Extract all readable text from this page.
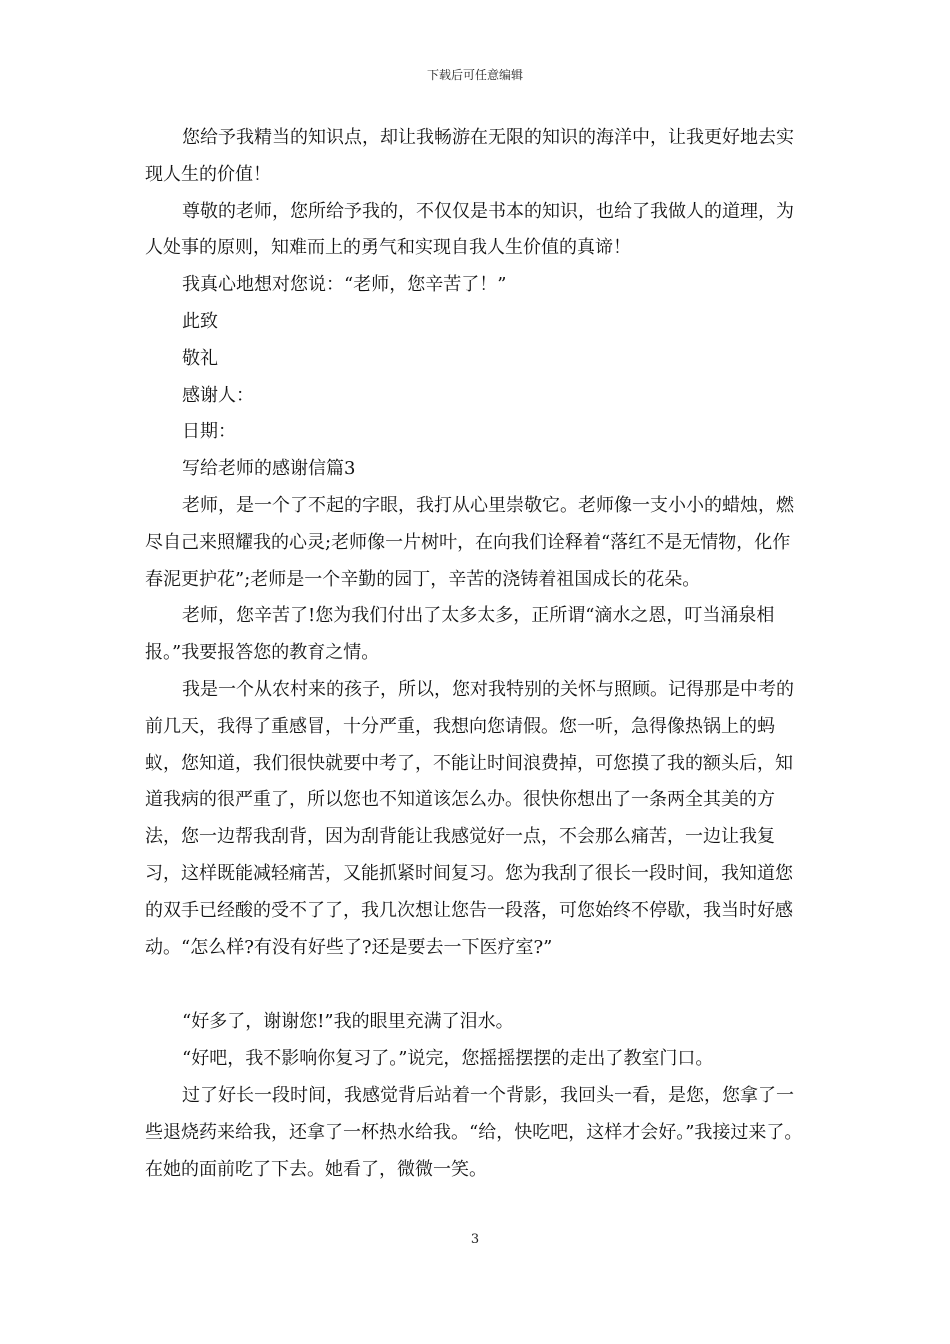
下载后可任意编辑

您给予我精当的知识点，却让我畅游在无限的知识的海洋中，让我更好地去实现人生的价值！

尊敬的老师，您所给予我的，不仅仅是书本的知识，也给了我做人的道理，为人处事的原则，知难而上的勇气和实现自我人生价值的真谛！

我真心地想对您说：“老师，您辛苦了！”

此致

敬礼

感谢人：

日期：

写给老师的感谢信篇3

老师，是一个了不起的字眼，我打从心里崇敬它。老师像一支小小的蜡烛，燃尽自己来照耀我的心灵;老师像一片树叶，在向我们诠释着“落红不是无情物，化作春泥更护花”;老师是一个辛勤的园丁，辛苦的浇铸着祖国成长的花朵。

老师，您辛苦了!您为我们付出了太多太多，正所谓“滴水之恩，叮当涌泉相报。”我要报答您的教育之情。

我是一个从农村来的孩子，所以，您对我特别的关怀与照顾。记得那是中考的前几天，我得了重感冒，十分严重，我想向您请假。您一听，急得像热锅上的蚂蚁，您知道，我们很快就要中考了，不能让时间浪费掉，可您摸了我的额头后，知道我病的很严重了，所以您也不知道该怎么办。很快你想出了一条两全其美的方法，您一边帮我刮背，因为刮背能让我感觉好一点，不会那么痛苦，一边让我复习，这样既能减轻痛苦，又能抓紧时间复习。您为我刮了很长一段时间，我知道您的双手已经酸的受不了了，我几次想让您告一段落，可您始终不停歇，我当时好感动。“怎么样?有没有好些了?还是要去一下医疗室?”

“好多了，谢谢您!”我的眼里充满了泪水。

“好吧，我不影响你复习了。”说完，您摇摇摆摆的走出了教室门口。

过了好长一段时间，我感觉背后站着一个背影，我回头一看，是您，您拿了一些退烧药来给我，还拿了一杯热水给我。“给，快吃吧，这样才会好。”我接过来了。在她的面前吃了下去。她看了，微微一笑。

3
